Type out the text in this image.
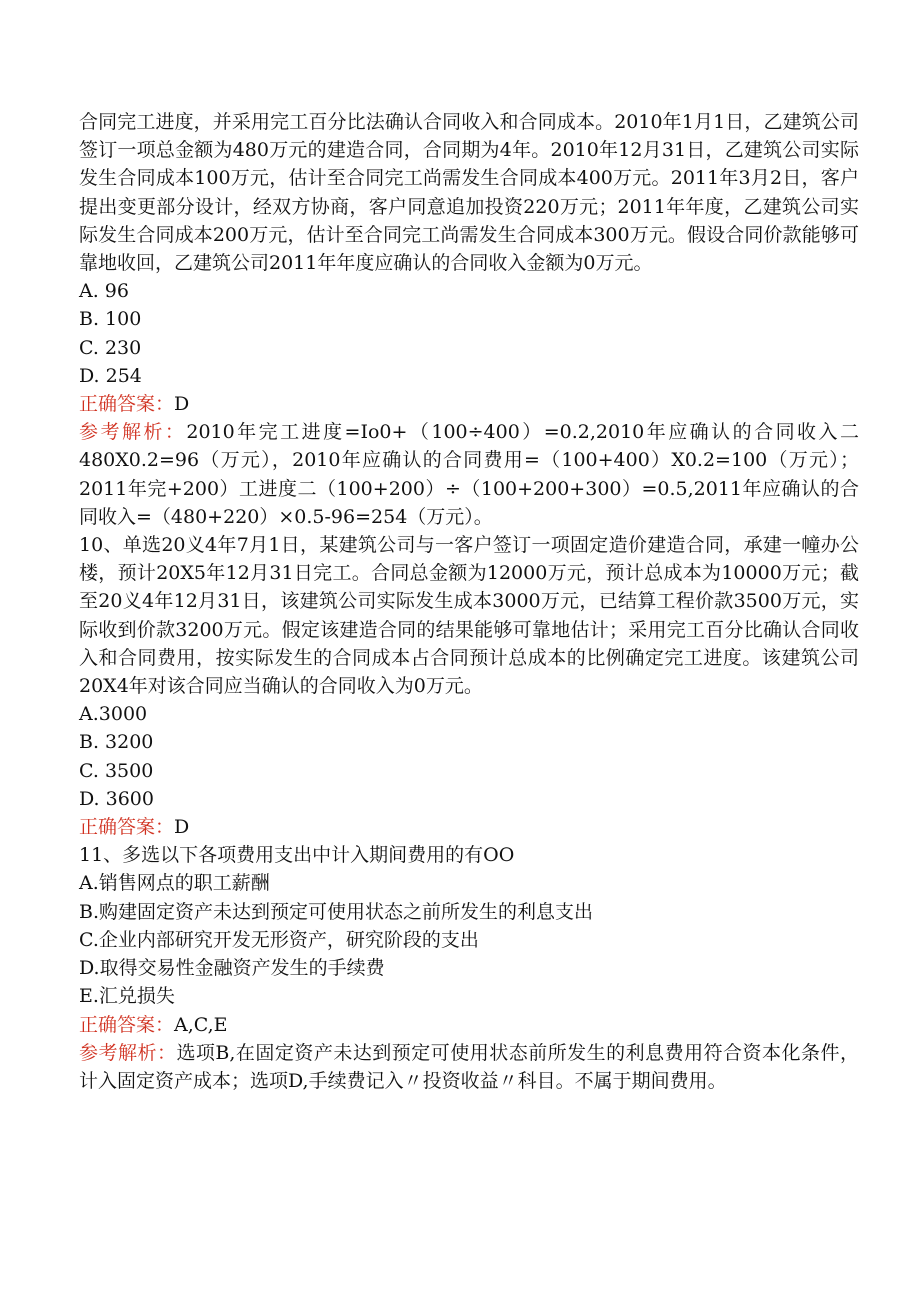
合同完工进度，并采用完工百分比法确认合同收入和合同成本。2010年1月1日，乙建筑公司签订一项总金额为480万元的建造合同，合同期为4年。2010年12月31日，乙建筑公司实际发生合同成本100万元，估计至合同完工尚需发生合同成本400万元。2011年3月2日，客户提出变更部分设计，经双方协商，客户同意追加投资220万元；2011年年度，乙建筑公司实际发生合同成本200万元，估计至合同完工尚需发生合同成本300万元。假设合同价款能够可靠地收回，乙建筑公司2011年年度应确认的合同收入金额为0万元。

A. 96

B. 100

C. 230

D. 254

正确答案：D

参考解析：2010年完工进度=Io0+（100÷400）=0.2,2010年应确认的合同收入二480X0.2=96（万元），2010年应确认的合同费用=（100+400）X0.2=100（万元）；2011年完+200）工进度二（100+200）÷（100+200+300）=0.5,2011年应确认的合同收入=（480+220）×0.5-96=254（万元）。

10、单选20义4年7月1日，某建筑公司与一客户签订一项固定造价建造合同，承建一幢办公楼，预计20X5年12月31日完工。合同总金额为12000万元，预计总成本为10000万元；截至20义4年12月31日，该建筑公司实际发生成本3000万元，已结算工程价款3500万元，实际收到价款3200万元。假定该建造合同的结果能够可靠地估计；采用完工百分比确认合同收入和合同费用，按实际发生的合同成本占合同预计总成本的比例确定完工进度。该建筑公司20X4年对该合同应当确认的合同收入为0万元。

A.3000

B. 3200

C. 3500

D. 3600

正确答案：D

11、多选以下各项费用支出中计入期间费用的有OO

A.销售网点的职工薪酬

B.购建固定资产未达到预定可使用状态之前所发生的利息支出

C.企业内部研究开发无形资产，研究阶段的支出

D.取得交易性金融资产发生的手续费

E.汇兑损失

正确答案：A,C,E

参考解析：选项B,在固定资产未达到预定可使用状态前所发生的利息费用符合资本化条件，计入固定资产成本；选项D,手续费记入〃投资收益〃科目。不属于期间费用。
